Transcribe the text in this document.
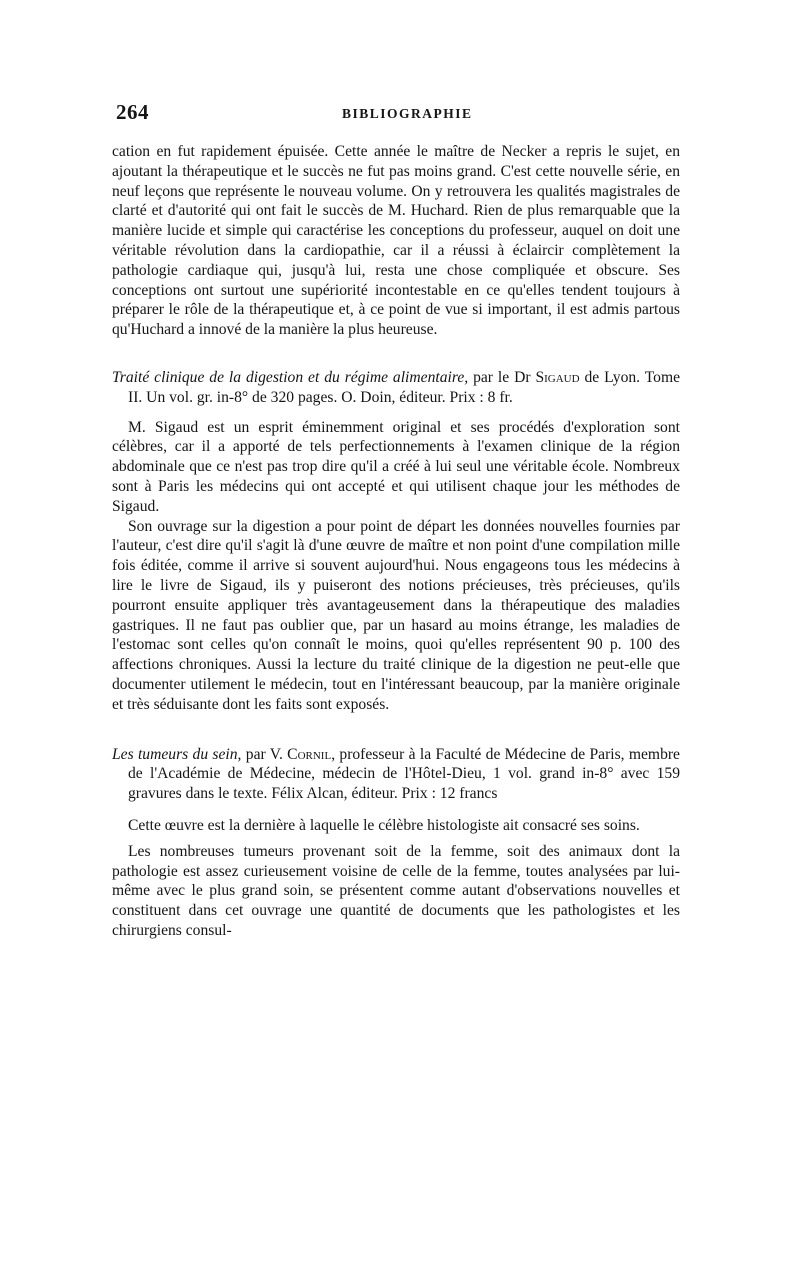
264	BIBLIOGRAPHIE

cation en fut rapidement épuisée. Cette année le maître de Necker a repris le sujet, en ajoutant la thérapeutique et le succès ne fut pas moins grand. C'est cette nouvelle série, en neuf leçons que représente le nouveau volume. On y retrouvera les qualités magistrales de clarté et d'autorité qui ont fait le succès de M. Huchard. Rien de plus remarquable que la manière lucide et simple qui caractérise les conceptions du professeur, auquel on doit une véritable révolution dans la cardiopathie, car il a réussi à éclaircir complètement la pathologie cardiaque qui, jusqu'à lui, resta une chose compliquée et obscure. Ses conceptions ont surtout une supériorité incontestable en ce qu'elles tendent toujours à préparer le rôle de la thérapeutique et, à ce point de vue si important, il est admis partous qu'Huchard a innové de la manière la plus heureuse.

Traité clinique de la digestion et du régime alimentaire, par le Dr Sigaud de Lyon. Tome II. Un vol. gr. in-8° de 320 pages. O. Doin, éditeur. Prix : 8 fr.

M. Sigaud est un esprit éminemment original et ses procédés d'exploration sont célèbres, car il a apporté de tels perfectionnements à l'examen clinique de la région abdominale que ce n'est pas trop dire qu'il a créé à lui seul une véritable école. Nombreux sont à Paris les médecins qui ont accepté et qui utilisent chaque jour les méthodes de Sigaud.

Son ouvrage sur la digestion a pour point de départ les données nouvelles fournies par l'auteur, c'est dire qu'il s'agit là d'une œuvre de maître et non point d'une compilation mille fois éditée, comme il arrive si souvent aujourd'hui. Nous engageons tous les médecins à lire le livre de Sigaud, ils y puiseront des notions précieuses, très précieuses, qu'ils pourront ensuite appliquer très avantageusement dans la thérapeutique des maladies gastriques. Il ne faut pas oublier que, par un hasard au moins étrange, les maladies de l'estomac sont celles qu'on connaît le moins, quoi qu'elles représentent 90 p. 100 des affections chroniques. Aussi la lecture du traité clinique de la digestion ne peut-elle que documenter utilement le médecin, tout en l'intéressant beaucoup, par la manière originale et très séduisante dont les faits sont exposés.

Les tumeurs du sein, par V. Cornil, professeur à la Faculté de Médecine de Paris, membre de l'Académie de Médecine, médecin de l'Hôtel-Dieu, 1 vol. grand in-8° avec 159 gravures dans le texte. Félix Alcan, éditeur. Prix : 12 francs

Cette œuvre est la dernière à laquelle le célèbre histologiste ait consacré ses soins.

Les nombreuses tumeurs provenant soit de la femme, soit des animaux dont la pathologie est assez curieusement voisine de celle de la femme, toutes analysées par lui-même avec le plus grand soin, se présentent comme autant d'observations nouvelles et constituent dans cet ouvrage une quantité de documents que les pathologistes et les chirurgiens consul-
